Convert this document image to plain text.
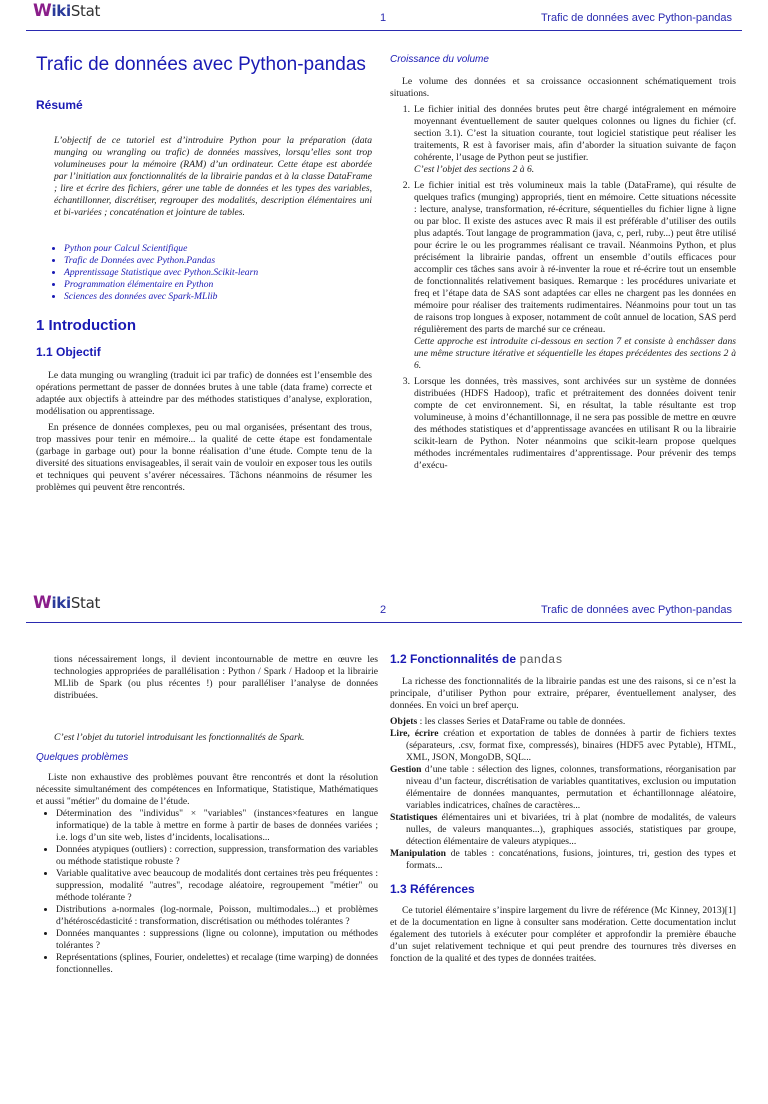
WikiStat	1	Trafic de données avec Python-pandas
Trafic de données avec Python-pandas
Résumé
L’objectif de ce tutoriel est d’introduire Python pour la préparation (data munging ou wrangling ou trafic) de données massives, lorsqu’elles sont trop volumineuses pour la mémoire (RAM) d’un ordinateur. Cette étape est abordée par l’initiation aux fonctionnalités de la librairie pandas et à la classe DataFrame ; lire et écrire des fichiers, gérer une table de données et les types des variables, échantillonner, discrétiser, regrouper des modalités, description élémentaires uni et bi-variées ; concaténation et jointure de tables.
• Python pour Calcul Scientifique
• Trafic de Données avec Python.Pandas
• Apprentissage Statistique avec Python.Scikit-learn
• Programmation élémentaire en Python
• Sciences des données avec Spark-MLlib
1 Introduction
1.1 Objectif

Le data munging ou wrangling (traduit ici par trafic) de données est l’ensemble des opérations permettant de passer de données brutes à une table (data frame) correcte et adaptée aux objectifs à atteindre par des méthodes statistiques d’analyse, exploration, modélisation ou apprentissage.

En présence de données complexes, peu ou mal organisées, présentant des trous, trop massives pour tenir en mémoire... la qualité de cette étape est fondamentale (garbage in garbage out) pour la bonne réalisation d’une étude. Compte tenu de la diversité des situations envisageables, il serait vain de vouloir en exposer tous les outils et techniques qui peuvent s’avérer nécessaires. Tâchons néanmoins de résumer les problèmes qui peuvent être rencontrés.

Croissance du volume

Le volume des données et sa croissance occasionnent schématiquement trois situations.

1. Le fichier initial des données brutes peut être chargé intégralement en mémoire moyennant éventuellement de sauter quelques colonnes ou lignes du fichier (cf. section 3.1). C’est la situation courante, tout logiciel statistique peut réaliser les traitements, R est à favoriser mais, afin d’aborder la situation suivante de façon cohérente, l’usage de Python peut se justifier.

C’est l’objet des sections 2 à 6.

2. Le fichier initial est très volumineux mais la table (DataFrame), qui résulte de quelques trafics (munging) appropriés, tient en mémoire. Cette situations nécessite : lecture, analyse, transformation, ré-écriture, séquentielles du fichier ligne à ligne ou par bloc. Il existe des astuces avec R mais il est préférable d’utiliser des outils plus adaptés. Tout langage de programmation (java, c, perl, ruby...) peut être utilisé pour écrire le ou les programmes réalisant ce travail. Néanmoins Python, et plus précisément la librairie pandas, offrent un ensemble d’outils efficaces pour accomplir ces tâches sans avoir à ré-inventer la roue et ré-écrire tout un ensemble de fonctionnalités relativement basiques. Remarque : les procédures univariate et freq et l’étape data de SAS sont adaptées car elles ne chargent pas les données en mémoire pour réaliser des traitements rudimentaires. Néanmoins pour tout un tas de raisons trop longues à exposer, notamment de coût annuel de location, SAS perd régulièrement des parts de marché sur ce créneau.

Cette approche est introduite ci-dessous en section 7 et consiste à enchâsser dans une même structure itérative et séquentielle les étapes précédentes des sections 2 à 6.

3. Lorsque les données, très massives, sont archivées sur un système de données distribuées (HDFS Hadoop), trafic et prétraitement des données doivent tenir compte de cet environnement. Si, en résultat, la table résultante est trop volumineuse, à moins d’échantillonnage, il ne sera pas possible de mettre en œuvre des méthodes statistiques et d’apprentissage avancées en utilisant R ou la librairie scikit-learn de Python. Noter néanmoins que scikit-learn propose quelques méthodes incrémentales rudimentaires d’apprentissage. Pour prévenir des temps d’exécu-

WikiStat	2	Trafic de données avec Python-pandas

tions nécessairement longs, il devient incontournable de mettre en œuvre les technologies appropriées de parallélisation : Python / Spark / Hadoop et la librairie MLlib de Spark (ou plus récentes !) pour paralléliser l’analyse de données distribuées.

C’est l’objet du tutoriel introduisant les fonctionnalités de Spark.

Quelques problèmes

Liste non exhaustive des problèmes pouvant être rencontrés et dont la résolution nécessite simultanément des compétences en Informatique, Statistique, Mathématiques et aussi "métier" du domaine de l’étude.

• Détermination des "individus" × "variables" (instances×features en langue informatique) de la table à mettre en forme à partir de bases de données variées ; i.e. logs d’un site web, listes d’incidents, localisations...
• Données atypiques (outliers) : correction, suppression, transformation des variables ou méthode statistique robuste ?
• Variable qualitative avec beaucoup de modalités dont certaines très peu fréquentes : suppression, modalité "autres", recodage aléatoire, regroupement "métier" ou méthode tolérante ?
• Distributions a-normales (log-normale, Poisson, multimodales...) et problèmes d’hétéroscédasticité : transformation, discrétisation ou méthodes tolérantes ?
• Données manquantes : suppressions (ligne ou colonne), imputation ou méthodes tolérantes ?
• Représentations (splines, Fourier, ondelettes) et recalage (time warping) de données fonctionnelles.
1.2 Fonctionnalités de pandas

La richesse des fonctionnalités de la librairie pandas est une des raisons, si ce n’est la principale, d’utiliser Python pour extraire, préparer, éventuellement analyser, des données. En voici un bref aperçu.

Objets : les classes Series et DataFrame ou table de données.
Lire, écrire création et exportation de tables de données à partir de fichiers textes (séparateurs, .csv, format fixe, compressés), binaires (HDF5 avec Pytable), HTML, XML, JSON, MongoDB, SQL...
Gestion d’une table : sélection des lignes, colonnes, transformations, réorganisation par niveau d’un facteur, discrétisation de variables quantitatives, exclusion ou imputation élémentaire de données manquantes, permutation et échantillonnage aléatoire, variables indicatrices, chaînes de caractères...
Statistiques élémentaires uni et bivariées, tri à plat (nombre de modalités, de valeurs nulles, de valeurs manquantes...), graphiques associés, statistiques par groupe, détection élémentaire de valeurs atypiques...
Manipulation de tables : concaténations, fusions, jointures, tri, gestion des types et formats...
1.3 Références

Ce tutoriel élémentaire s’inspire largement du livre de référence (Mc Kinney, 2013)[1] et de la documentation en ligne à consulter sans modération. Cette documentation inclut également des tutoriels à exécuter pour compléter et approfondir la première ébauche d’un sujet relativement technique et qui peut prendre des tournures très diverses en fonction de la qualité et des types de données traitées.
